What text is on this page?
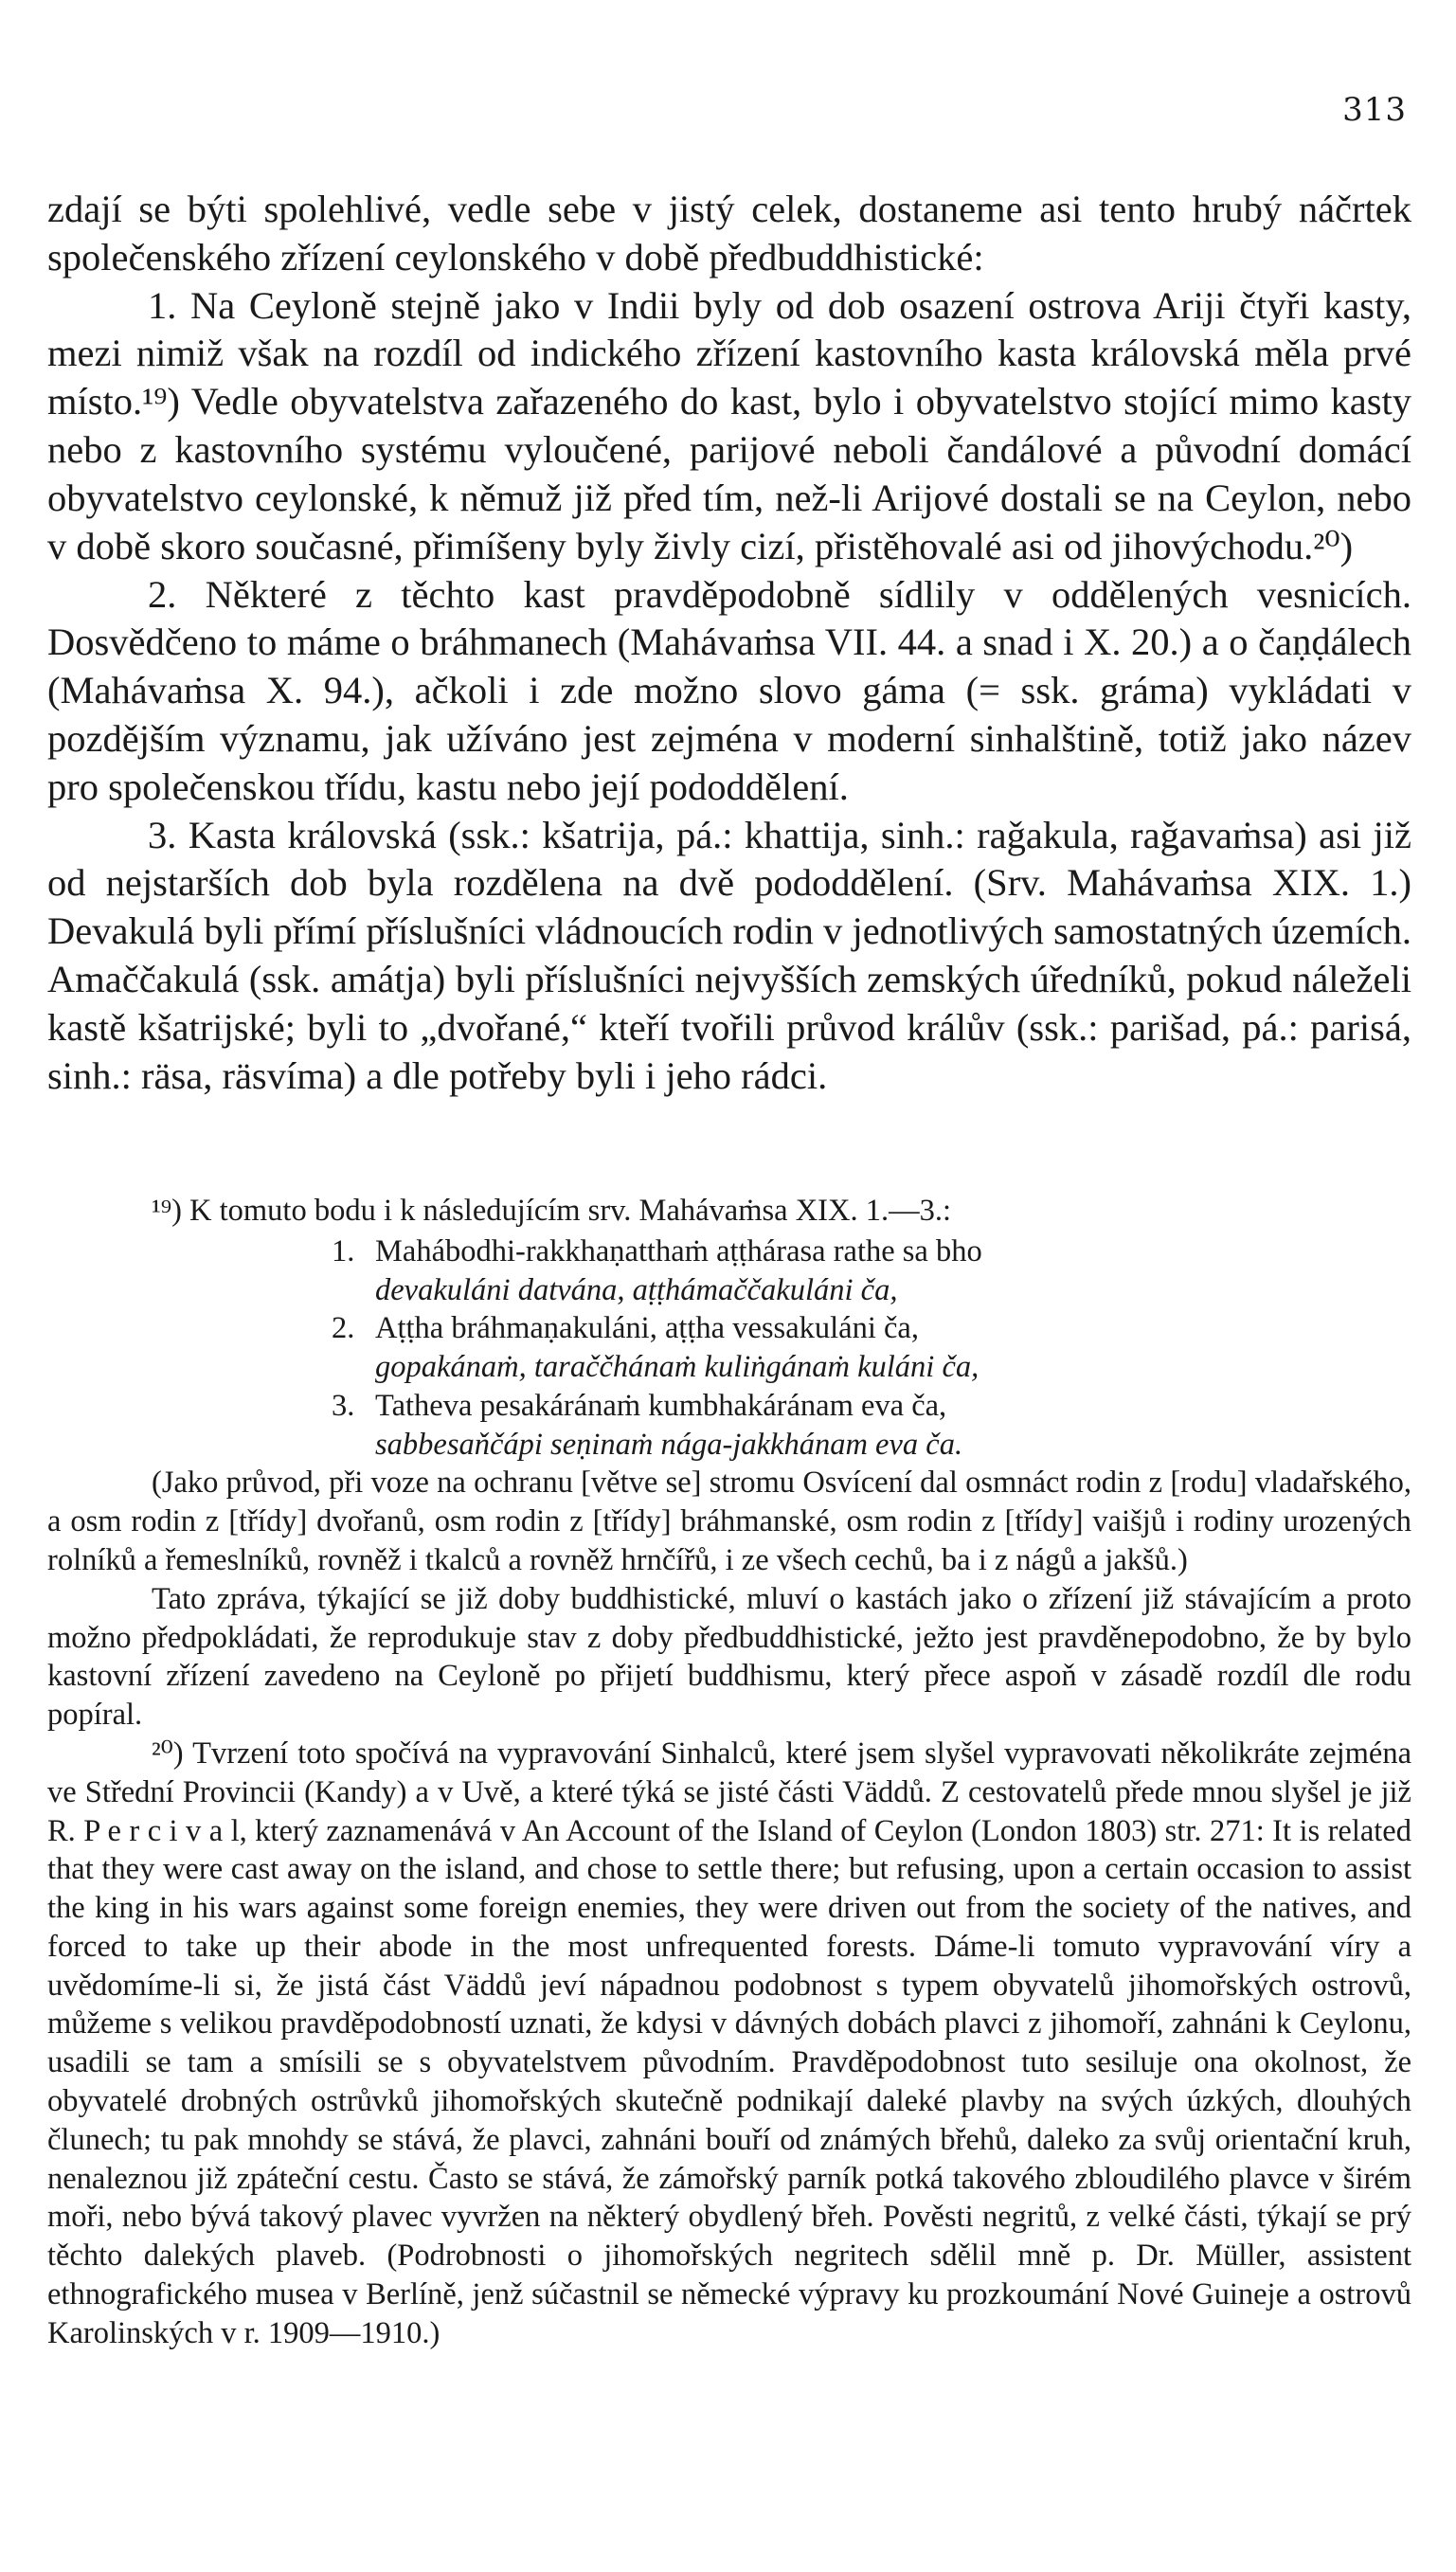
313

zdají se býti spolehlivé, vedle sebe v jistý celek, dostaneme asi tento hrubý náčrtek společenského zřízení ceylonského v době předbuddhistické:

1. Na Ceyloně stejně jako v Indii byly od dob osazení ostrova Ariji čtyři kasty, mezi nimiž však na rozdíl od indického zřízení kastovního kasta královská měla prvé místo.¹⁹) Vedle obyvatelstva zařazeného do kast, bylo i obyvatelstvo stojící mimo kasty nebo z kastovního systému vyloučené, parijové neboli čandálové a původní domácí obyvatelstvo ceylonské, k němuž již před tím, než-li Arijové dostali se na Ceylon, nebo v době skoro současné, přimíšeny byly živly cizí, přistěhovalé asi od jihovýchodu.²⁰)

2. Některé z těchto kast pravděpodobně sídlily v oddělených vesnicích. Dosvědčeno to máme o bráhmanech (Mahávaṁsa VII. 44. a snad i X. 20.) a o čaṇḍálech (Mahávaṁsa X. 94.), ačkoli i zde možno slovo gáma (= ssk. gráma) vykládati v pozdějším významu, jak užíváno jest zejména v moderní sinhalštině, totiž jako název pro společenskou třídu, kastu nebo její pododdělení.

3. Kasta královská (ssk.: kšatrija, pá.: khattija, sinh.: raǧakula, raǧavaṁsa) asi již od nejstarších dob byla rozdělena na dvě pododdělení. (Srv. Mahávaṁsa XIX. 1.) Devakulá byli přímí příslušníci vládnoucích rodin v jednotlivých samostatných územích. Amaččakulá (ssk. amátja) byli příslušníci nejvyšších zemských úředníků, pokud náleželi kastě kšatrijské; byli to „dvořané,“ kteří tvořili průvod králův (ssk.: parišad, pá.: parisá, sinh.: räsa, räsvíma) a dle potřeby byli i jeho rádci.

¹⁹) K tomuto bodu i k následujícím srv. Mahávaṁsa XIX. 1.—3.:

1. Mahábodhi-rakkhaṇatthaṁ aṭṭhárasa rathe sa bho
devakuláni datvána, aṭṭhámaččakuláni ča,
2. Aṭṭha bráhmaṇakuláni, aṭṭha vessakuláni ča,
gopakánaṁ, taraččhánaṁ kuliṅgánaṁ kuláni ča,
3. Tatheva pesakáránaṁ kumbhakáránam eva ča,
sabbesaňčápi seṇinaṁ nága-jakkhánam eva ča.

(Jako průvod, při voze na ochranu [větve se] stromu Osvícení dal osmnáct rodin z [rodu] vladařského, a osm rodin z [třídy] dvořanů, osm rodin z [třídy] bráhmanské, osm rodin z [třídy] vaišjů i rodiny urozených rolníků a řemeslníků, rovněž i tkalců a rovněž hrnčířů, i ze všech cechů, ba i z nágů a jakšů.)

Tato zpráva, týkající se již doby buddhistické, mluví o kastách jako o zřízení již stávajícím a proto možno předpokládati, že reprodukuje stav z doby předbuddhistické, ježto jest pravděnepodobno, že by bylo kastovní zřízení zavedeno na Ceyloně po přijetí buddhismu, který přece aspoň v zásadě rozdíl dle rodu popíral.

²⁰) Tvrzení toto spočívá na vypravování Sinhalců, které jsem slyšel vypravovati několikráte zejména ve Střední Provincii (Kandy) a v Uvě, a které týká se jisté části Väddů. Z cestovatelů přede mnou slyšel je již R. P e r c i v a l, který zaznamenává v An Account of the Island of Ceylon (London 1803) str. 271: It is related that they were cast away on the island, and chose to settle there; but refusing, upon a certain occasion to assist the king in his wars against some foreign enemies, they were driven out from the society of the natives, and forced to take up their abode in the most unfrequented forests. Dáme-li tomuto vypravování víry a uvědomíme-li si, že jistá část Väddů jeví nápadnou podobnost s typem obyvatelů jihomořských ostrovů, můžeme s velikou pravděpodobností uznati, že kdysi v dávných dobách plavci z jihomoří, zahnáni k Ceylonu, usadili se tam a smísili se s obyvatelstvem původním. Pravděpodobnost tuto sesiluje ona okolnost, že obyvatelé drobných ostrůvků jihomořských skutečně podnikají daleké plavby na svých úzkých, dlouhých člunech; tu pak mnohdy se stává, že plavci, zahnáni bouří od známých břehů, daleko za svůj orientační kruh, nenaleznou již zpáteční cestu. Často se stává, že zámořský parník potká takového zbloudilého plavce v širém moři, nebo bývá takový plavec vyvržen na některý obydlený břeh. Pověsti negritů, z velké části, týkají se prý těchto dalekých plaveb. (Podrobnosti o jihomořských negritech sdělil mně p. Dr. Müller, assistent ethnografického musea v Berlíně, jenž súčastnil se německé výpravy ku prozkoumání Nové Guineje a ostrovů Karolinských v r. 1909—1910.)
